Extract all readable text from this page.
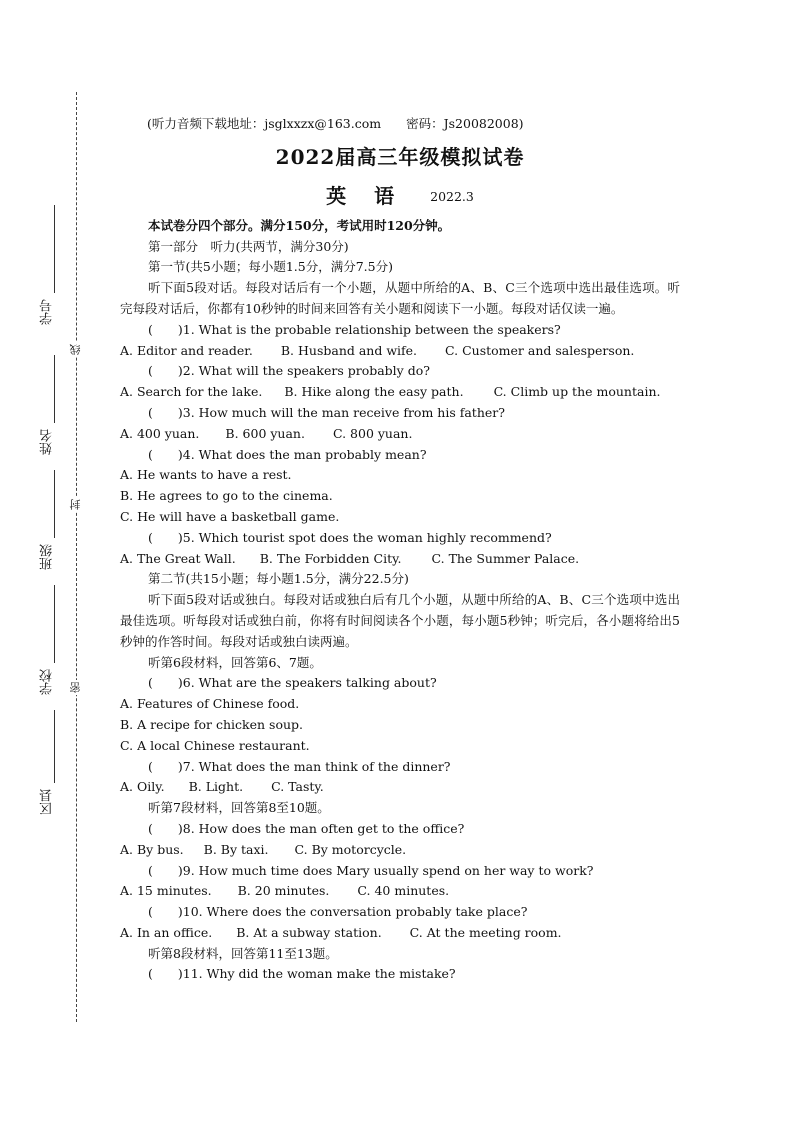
学号
姓名
班级
学校
区县
线
封
密
(听力音频下载地址：jsglxxzx@163.com　　密码：Js20082008)
2022届高三年级模拟试卷
英语 2022.3
本试卷分四个部分。满分150分，考试用时120分钟。
第一部分　听力(共两节，满分30分)
第一节(共5小题；每小题1.5分，满分7.5分)
听下面5段对话。每段对话后有一个小题，从题中所给的A、B、C三个选项中选出最佳选项。听完每段对话后，你都有10秒钟的时间来回答有关小题和阅读下一小题。每段对话仅读一遍。
(　　)1. What is the probable relationship between the speakers?
A. Editor and reader. B. Husband and wife. C. Customer and salesperson.
(　　)2. What will the speakers probably do?
A. Search for the lake. B. Hike along the easy path. C. Climb up the mountain.
(　　)3. How much will the man receive from his father?
A. 400 yuan. B. 600 yuan. C. 800 yuan.
(　　)4. What does the man probably mean?
A. He wants to have a rest.
B. He agrees to go to the cinema.
C. He will have a basketball game.
(　　)5. Which tourist spot does the woman highly recommend?
A. The Great Wall. B. The Forbidden City. C. The Summer Palace.
第二节(共15小题；每小题1.5分，满分22.5分)
听下面5段对话或独白。每段对话或独白后有几个小题，从题中所给的A、B、C三个选项中选出最佳选项。听每段对话或独白前，你将有时间阅读各个小题，每小题5秒钟；听完后，各小题将给出5秒钟的作答时间。每段对话或独白读两遍。
听第6段材料，回答第6、7题。
(　　)6. What are the speakers talking about?
A. Features of Chinese food.
B. A recipe for chicken soup.
C. A local Chinese restaurant.
(　　)7. What does the man think of the dinner?
A. Oily. B. Light. C. Tasty.
听第7段材料，回答第8至10题。
(　　)8. How does the man often get to the office?
A. By bus. B. By taxi. C. By motorcycle.
(　　)9. How much time does Mary usually spend on her way to work?
A. 15 minutes. B. 20 minutes. C. 40 minutes.
(　　)10. Where does the conversation probably take place?
A. In an office. B. At a subway station. C. At the meeting room.
听第8段材料，回答第11至13题。
(　　)11. Why did the woman make the mistake?
